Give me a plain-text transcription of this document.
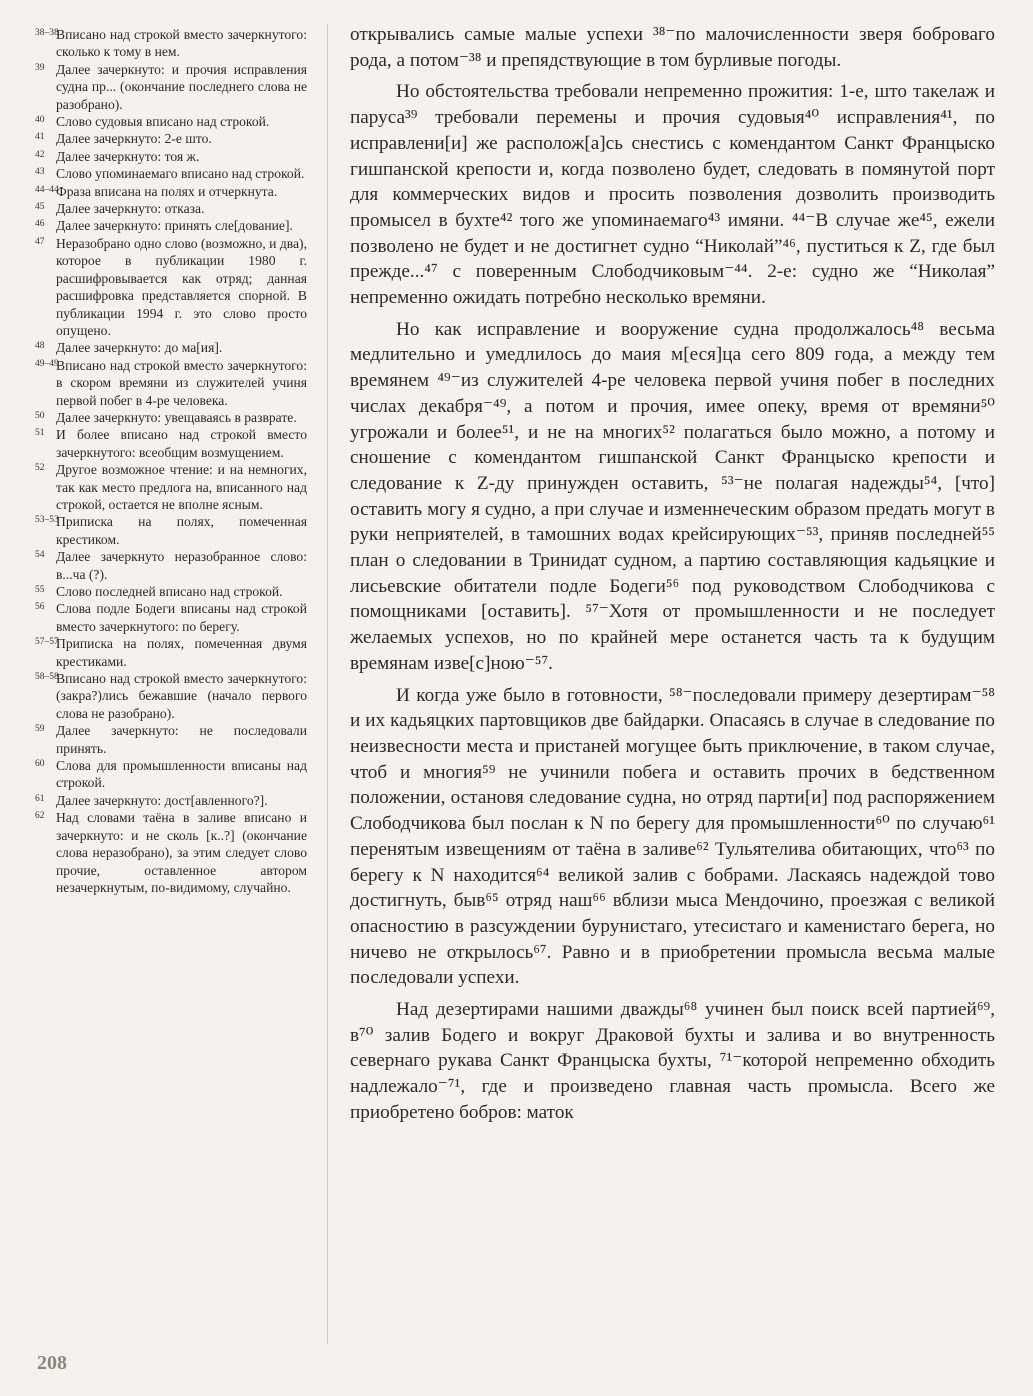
38–38
Вписано над строкой вместо зачеркнутого: сколько к тому в нем.
39 Далее зачеркнуто: и прочия исправления судна пр... (окончание последнего слова не разобрано).
40 Слово судовыя вписано над строкой.
41 Далее зачеркнуто: 2-е што.
42 Далее зачеркнуто: тоя ж.
43 Слово упоминаемаго вписано над строкой.
44–44
Фраза вписана на полях и отчеркнута.
45 Далее зачеркнуто: отказа.
46 Далее зачеркнуто: принять сле[дование].
47 Неразобрано одно слово (возможно, и два), которое в публикации 1980 г. расшифровывается как отряд; данная расшифровка представляется спорной. В публикации 1994 г. это слово просто опущено.
48 Далее зачеркнуто: до ма[ия].
49–49
Вписано над строкой вместо зачеркнутого: в скором времяни из служителей учиня первой побег в 4-ре человека.
50 Далее зачеркнуто: увещаваясь в разврате.
51 И более вписано над строкой вместо зачеркнутого: всеобщим возмущением.
52 Другое возможное чтение: и на немногих, так как место предлога на, вписанного над строкой, остается не вполне ясным.
53–53
Приписка на полях, помеченная крестиком.
54 Далее зачеркнуто неразобранное слово: в...ча (?).
55 Слово последней вписано над строкой.
56 Слова подле Бодеги вписаны над строкой вместо зачеркнутого: по берегу.
57–57
Приписка на полях, помеченная двумя крестиками.
58–58
Вписано над строкой вместо зачеркнутого: (закра?)лись бежавшие (начало первого слова не разобрано).
59 Далее зачеркнуто: не последовали принять.
60 Слова для промышленности вписаны над строкой.
61 Далее зачеркнуто: дост[авленного?].
62 Над словами таёна в заливе вписано и зачеркнуто: и не сколь [к..?] (окончание слова неразобрано), за этим следует слово прочие, оставленное автором незачеркнутым, по-видимому, случайно.

открывались самые малые успехи ³⁸⁻по малочисленности зверя боброваго рода, а потом⁻³⁸ и препядствующие в том бурливые погоды.

Но обстоятельства требовали непременно прожития: 1-е, што такелаж и паруса³⁹ требовали перемены и прочия судовыя⁴⁰ исправления⁴¹, по исправлени[и] же располож[а]сь снестись с комендантом Санкт Францыско гишпанской крепости и, когда позволено будет, следовать в помянутой порт для коммерческих видов и просить позволения дозволить производить промысел в бухте⁴² того же упоминаемаго⁴³ имяни. ⁴⁴⁻В случае же⁴⁵, ежели позволено не будет и не достигнет судно “Николай”⁴⁶, пуститься к Z, где был прежде...⁴⁷ с поверенным Слободчиковым⁻⁴⁴. 2-е: судно же “Николая” непременно ожидать потребно несколько времяни.

Но как исправление и вооружение судна продолжалось⁴⁸ весьма медлительно и умедлилось до маия м[еся]ца сего 809 года, а между тем времянем ⁴⁹⁻из служителей 4-ре человека первой учиня побег в последних числах декабря⁻⁴⁹, а потом и прочия, имее опеку, время от времяни⁵⁰ угрожали и более⁵¹, и не на многих⁵² полагаться было можно, а потому и сношение с комендантом гишпанской Санкт Францыско крепости и следование к Z-ду принужден оставить, ⁵³⁻не полагая надежды⁵⁴, [что] оставить могу я судно, а при случае и изменнеческим образом предать могут в руки неприятелей, в тамошних водах крейсирующих⁻⁵³, приняв последней⁵⁵ план о следовании в Тринидат судном, а партию составляющия кадьяцкие и лисьевские обитатели подле Бодеги⁵⁶ под руководством Слободчикова с помощниками [оставить]. ⁵⁷⁻Хотя от промышленности и не последует желаемых успехов, но по крайней мере останется часть та к будущим времянам изве[с]ною⁻⁵⁷.

И когда уже было в готовности, ⁵⁸⁻последовали примеру дезертирам⁻⁵⁸ и их кадьяцких партовщиков две байдарки. Опасаясь в случае в следование по неизвесности места и пристаней могущее быть приключение, в таком случае, чтоб и многия⁵⁹ не учинили побега и оставить прочих в бедственном положении, остановя следование судна, но отряд парти[и] под распоряжением Слободчикова был послан к N по берегу для промышленности⁶⁰ по случаю⁶¹ перенятым извещениям от таёна в заливе⁶² Тульятелива обитающих, что⁶³ по берегу к N находится⁶⁴ великой залив с бобрами. Ласкаясь надеждой тово достигнуть, быв⁶⁵ отряд наш⁶⁶ вблизи мыса Мендочино, проезжая с великой опасностию в разсуждении бурунистаго, утесистаго и каменистаго берега, но ничево не открылось⁶⁷. Равно и в приобретении промысла весьма малые последовали успехи.

Над дезертирами нашими дважды⁶⁸ учинен был поиск всей партией⁶⁹, в⁷⁰ залив Бодего и вокруг Драковой бухты и залива и во внутренность севернаго рукава Санкт Францыска бухты, ⁷¹⁻которой непременно обходить надлежало⁻⁷¹, где и произведено главная часть промысла. Всего же приобретено бобров: маток

208
